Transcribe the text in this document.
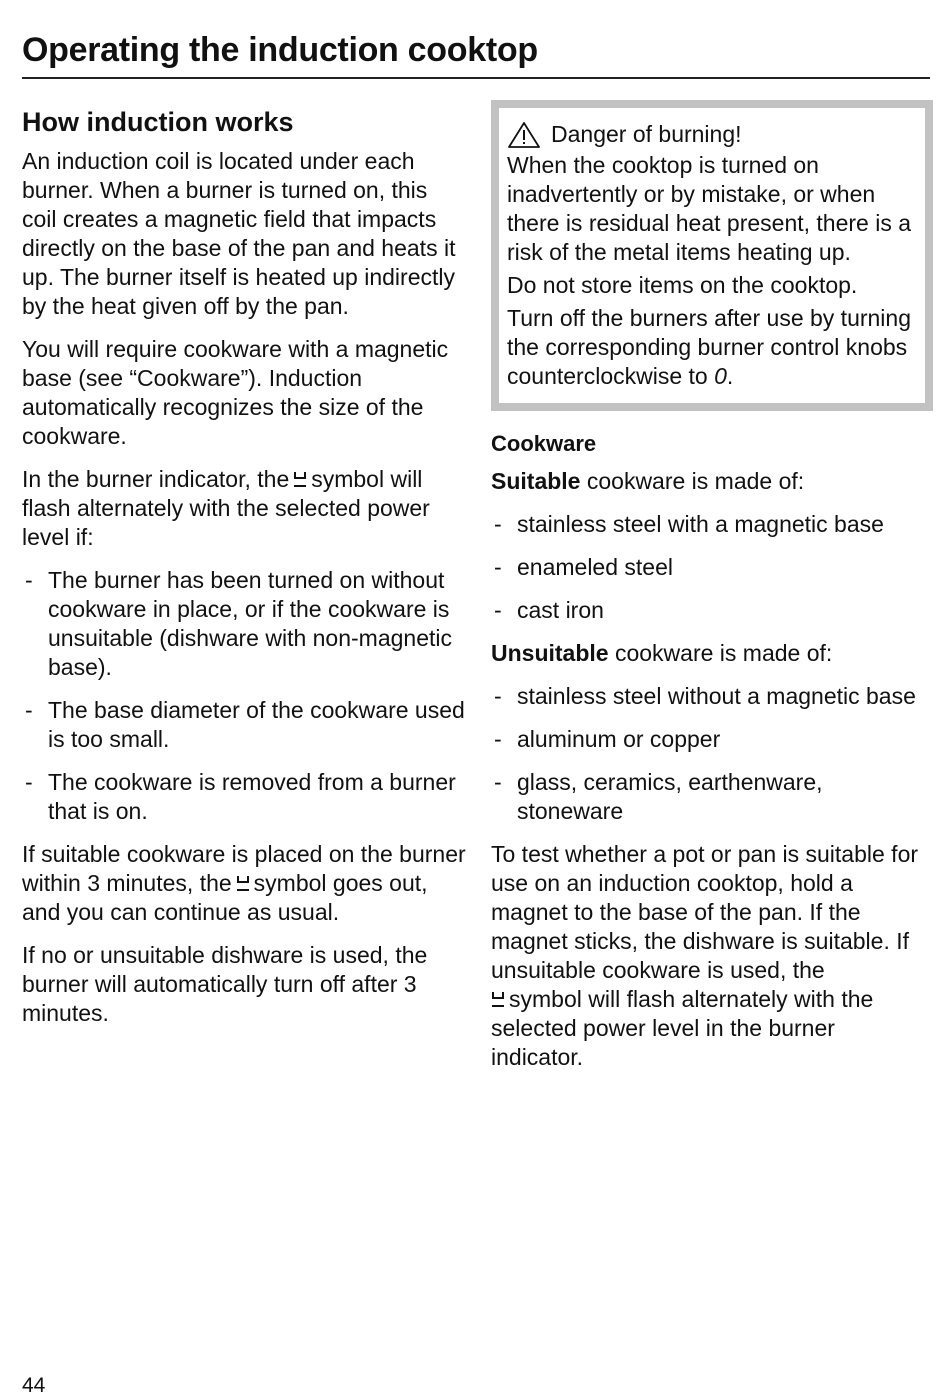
Operating the induction cooktop
How induction works

An induction coil is located under each burner. When a burner is turned on, this coil creates a magnetic field that impacts directly on the base of the pan and heats it up. The burner itself is heated up indirectly by the heat given off by the pan.

You will require cookware with a magnetic base (see “Cookware”). Induction automatically recognizes the size of the cookware.

In the burner indicator, the symbol will flash alternately with the selected power level if:

- The burner has been turned on without cookware in place, or if the cookware is unsuitable (dishware with non-magnetic base).
- The base diameter of the cookware used is too small.
- The cookware is removed from a burner that is on.

If suitable cookware is placed on the burner within 3 minutes, the symbol goes out, and you can continue as usual.

If no or unsuitable dishware is used, the burner will automatically turn off after 3 minutes.

Danger of burning!

When the cooktop is turned on inadvertently or by mistake, or when there is residual heat present, there is a risk of the metal items heating up.

Do not store items on the cooktop.

Turn off the burners after use by turning the corresponding burner control knobs counterclockwise to 0.

Cookware

Suitable cookware is made of:

- stainless steel with a magnetic base
- enameled steel
- cast iron

Unsuitable cookware is made of:

- stainless steel without a magnetic base
- aluminum or copper
- glass, ceramics, earthenware, stoneware

To test whether a pot or pan is suitable for use on an induction cooktop, hold a magnet to the base of the pan. If the magnet sticks, the dishware is suitable. If unsuitable cookware is used, the

symbol will flash alternately with the selected power level in the burner indicator.

44
